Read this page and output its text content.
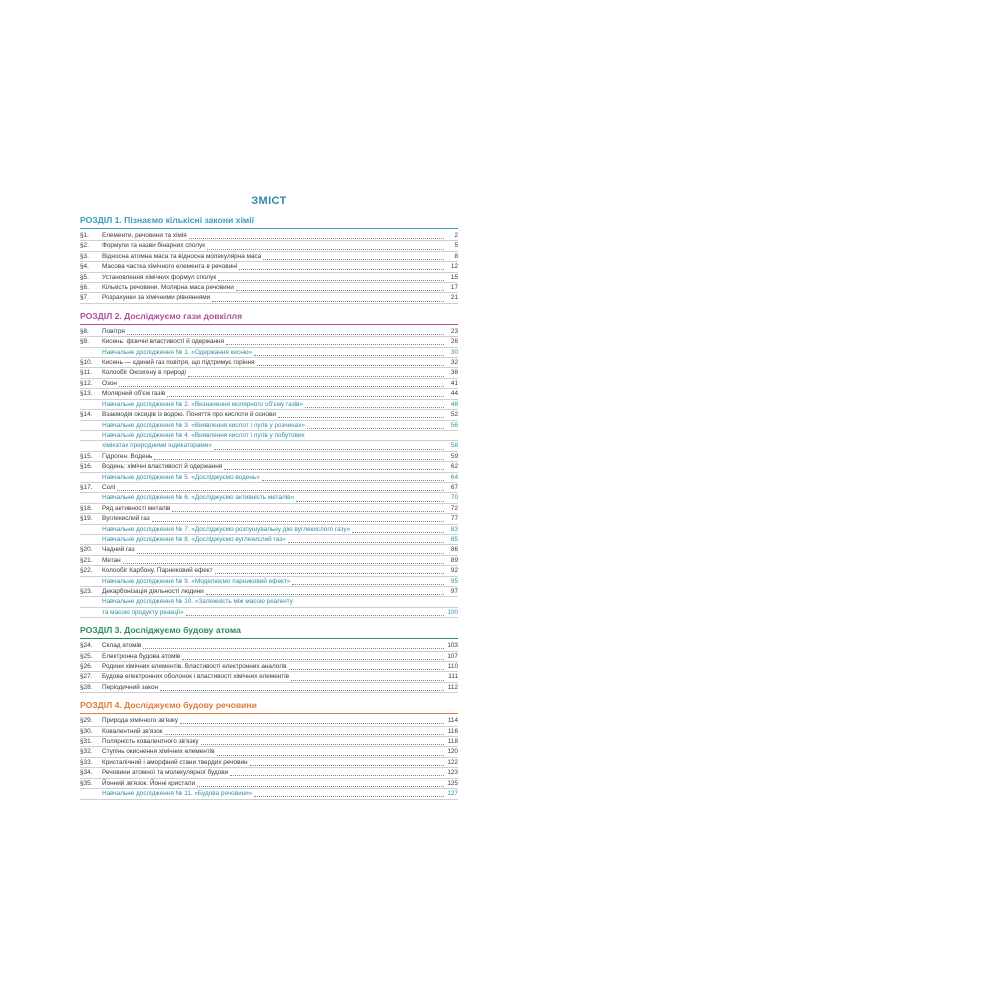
ЗМІСТ
РОЗДІЛ 1. Пізнаємо кількісні закони хімії
§1.	Елементи, речовини та хімія	2
§2.	Формули та назви бінарних сполук	5
§3.	Відносна атомна маса та відносна молекулярна маса	8
§4.	Масова частка хімічного елемента в речовині	12
§5.	Установлення хімічних формул сполук	15
§6.	Кількість речовини. Молярна маса речовини	17
§7.	Розрахунки за хімічними рівняннями	21
РОЗДІЛ 2. Досліджуємо гази довкілля
§8.	Повітря	23
§9.	Кисень: фізичні властивості й одержання	26
Навчальне дослідження № 1. «Одержання кисню»	30
§10.	Кисень — єдиний газ повітря, що підтримує горіння	32
§11.	Колообіг Оксигену в природі	38
§12.	Озон	41
§13.	Молярний об'єм газів	44
Навчальне дослідження № 2. «Визначення молярного об'єму газів»	48
§14.	Взаємодія оксидів із водою. Поняття про кислоти й основи	52
Навчальне дослідження № 3. «Виявлення кислот і лугів у розчинах»	56
Навчальне дослідження № 4. «Виявлення кислот і лугів у побутових
хімікатах природними індикаторами»	58
§15.	Гідроген. Водень	59
§16.	Водень: хімічні властивості й одержання	62
Навчальне дослідження № 5. «Досліджуємо водень»	64
§17.	Солі	67
Навчальне дослідження № 6. «Досліджуємо активність металів»	70
§18.	Ряд активності металів	72
§19.	Вуглекислий газ	77
Навчальне дослідження № 7. «Досліджуємо розпушувальну дію вуглекислого газу»	83
Навчальне дослідження № 8. «Досліджуємо вуглекислий газ»	85
§20.	Чадний газ	86
§21.	Метан	89
§22.	Колообіг Карбону. Парниковий ефект	92
Навчальне дослідження № 9. «Моделюємо парниковий ефект»	95
§23.	Декарбонізація діяльності людини	97
Навчальне дослідження № 10. «Залежність між масою реагенту
та масою продукту реакції»	100
РОЗДІЛ 3. Досліджуємо будову атома
§24.	Склад атомів	103
§25.	Електронна будова атомів	107
§26.	Родини хімічних елементів. Властивості електронних аналогів	110
§27.	Будова електронних оболонок і властивості хімічних елементів	111
§28.	Періодичний закон	112
РОЗДІЛ 4. Досліджуємо будову речовини
§29.	Природа хімічного зв'язку	114
§30.	Ковалентний зв'язок	116
§31.	Полярність ковалентного зв'язку	118
§32.	Ступінь окиснення хімічних елементів	120
§33.	Кристалічний і аморфний стани твердих речовин	122
§34.	Речовини атомної та молекулярної будови	123
§35.	Йонний зв'язок. Йонні кристали	125
Навчальне дослідження № 11. «Будова речовини»	127
